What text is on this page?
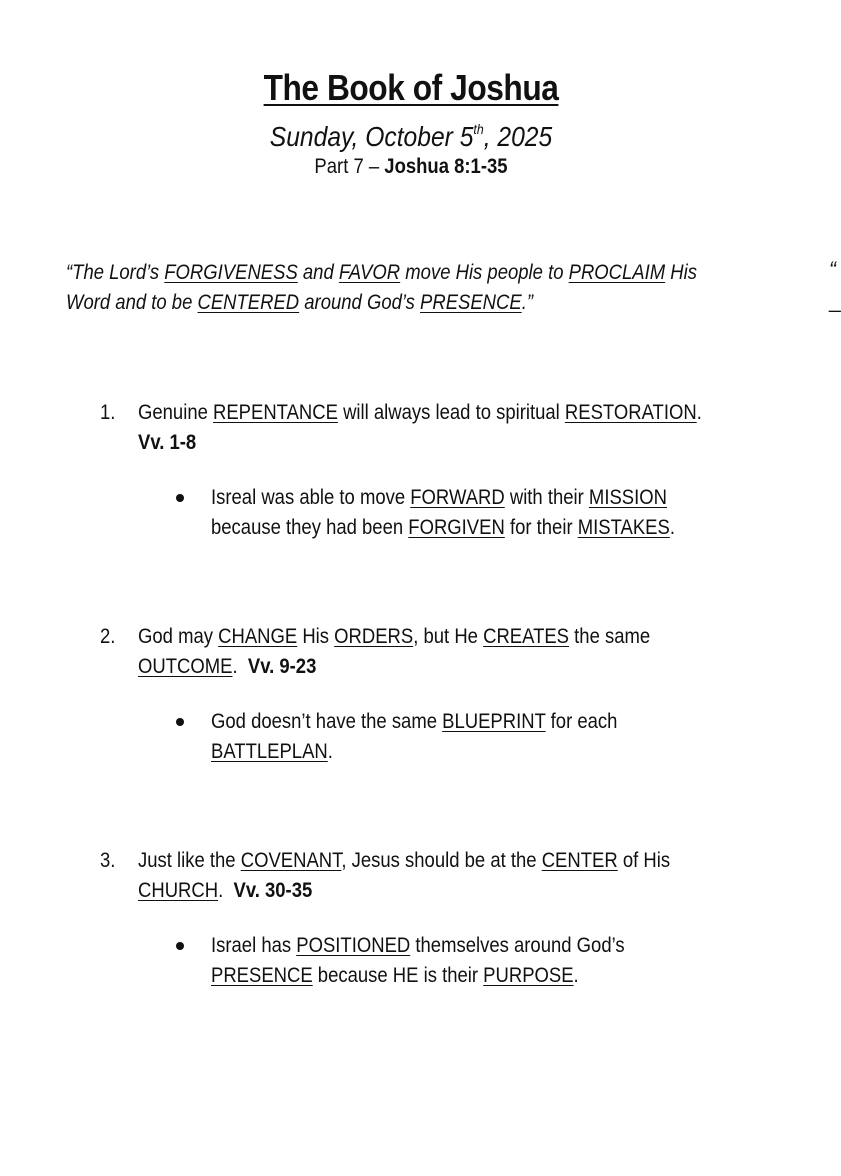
The Book of Joshua
Sunday, October 5th, 2025
Part 7 – Joshua 8:1-35
“The Lord’s FORGIVENESS and FAVOR move His people to PROCLAIM His
Word and to be CENTERED around God’s PRESENCE.”
“
_
1. Genuine REPENTANCE will always lead to spiritual RESTORATION.
Vv. 1-8
Isreal was able to move FORWARD with their MISSION
because they had been FORGIVEN for their MISTAKES.
2. God may CHANGE His ORDERS, but He CREATES the same
OUTCOME.  Vv. 9-23
God doesn’t have the same BLUEPRINT for each
BATTLEPLAN.
3. Just like the COVENANT, Jesus should be at the CENTER of His
CHURCH.  Vv. 30-35
Israel has POSITIONED themselves around God’s
PRESENCE because HE is their PURPOSE.
